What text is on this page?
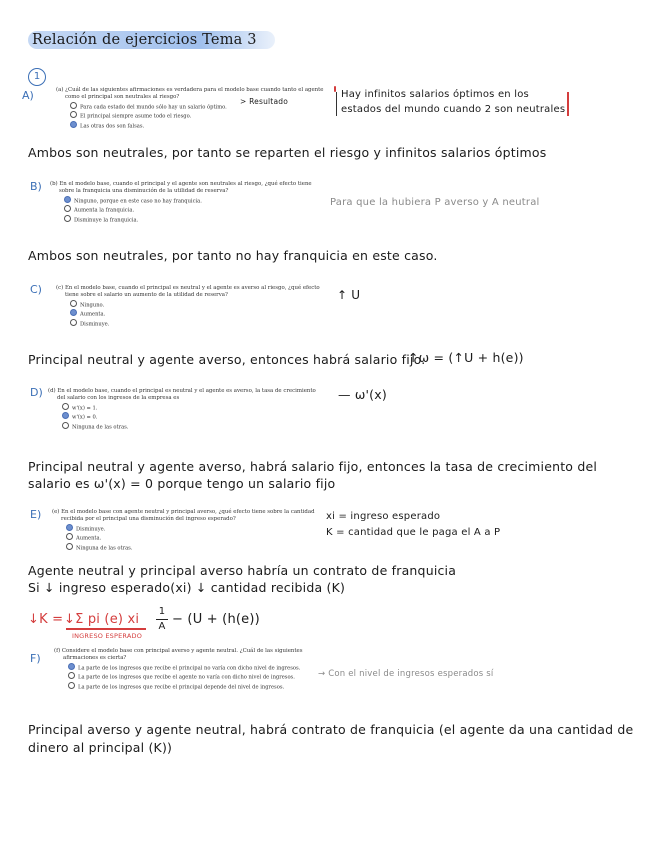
Relación de ejercicios Tema 3
1
A)	(a) ¿Cuál de las siguientes afirmaciones es verdadera para el modelo base cuando tanto el agente
como el principal son neutrales al riesgo?
Para cada estado del mundo sólo hay un salario óptimo.
El principal siempre asume todo el riesgo.
Las otras dos son falsas.
> Resultado
Hay infinitos salarios óptimos en los
estados del mundo cuando 2 son neutrales
Ambos son neutrales, por tanto se reparten el riesgo y infinitos salarios óptimos
B) (b) En el modelo base, cuando el principal y el agente son neutrales al riesgo, ¿qué efecto tiene
sobre la franquicia una disminución de la utilidad de reserva?
Ninguno, porque en este caso no hay franquicia.
Aumenta la franquicia.
Disminuye la franquicia.
Para que la hubiera P averso y A neutral
Ambos son neutrales, por tanto no hay franquicia en este caso.
C)	(c) En el modelo base, cuando el principal es neutral y el agente es averso al riesgo, ¿qué efecto
tiene sobre el salario un aumento de la utilidad de reserva?
Ninguno.
Aumenta.
Disminuye.
↑ U
Principal neutral y agente averso, entonces habrá salario fijo.
↑ω = (↑U + h(e))
D) (d) En el modelo base, cuando el principal es neutral y el agente es averso, la tasa de crecimiento
del salario con los ingresos de la empresa es
w'(x) = 1.
w'(x) = 0.
Ninguna de las otras.
— ω'(x)
Principal neutral y agente averso, habrá salario fijo, entonces la tasa de crecimiento del
salario es ω'(x) = 0 porque tengo un salario fijo
E) (e) En el modelo base con agente neutral y principal averso, ¿qué efecto tiene sobre la cantidad
recibida por el principal una disminución del ingreso esperado?
Disminuye.
Aumenta.
Ninguna de las otras.
xi = ingreso esperado
K = cantidad que le paga el A a P
Agente neutral y principal averso habría un contrato de franquicia
Si ↓ ingreso esperado(xi) ↓ cantidad recibida (K)
↓K = ↓Σ pi (e) xi
INGRESO ESPERADO
1
A − (U + (h(e))
F)
(f) Considere el modelo base con principal averso y agente neutral. ¿Cuál de las siguientes
afirmaciones es cierta?
La parte de los ingresos que recibe el principal no varía con dicho nivel de ingresos.
La parte de los ingresos que recibe el agente no varía con dicho nivel de ingresos.
La parte de los ingresos que recibe el principal depende del nivel de ingresos.
→ Con el nivel de ingresos esperados sí
Principal averso y agente neutral, habrá contrato de franquicia (el agente da una cantidad de
dinero al principal (K))
